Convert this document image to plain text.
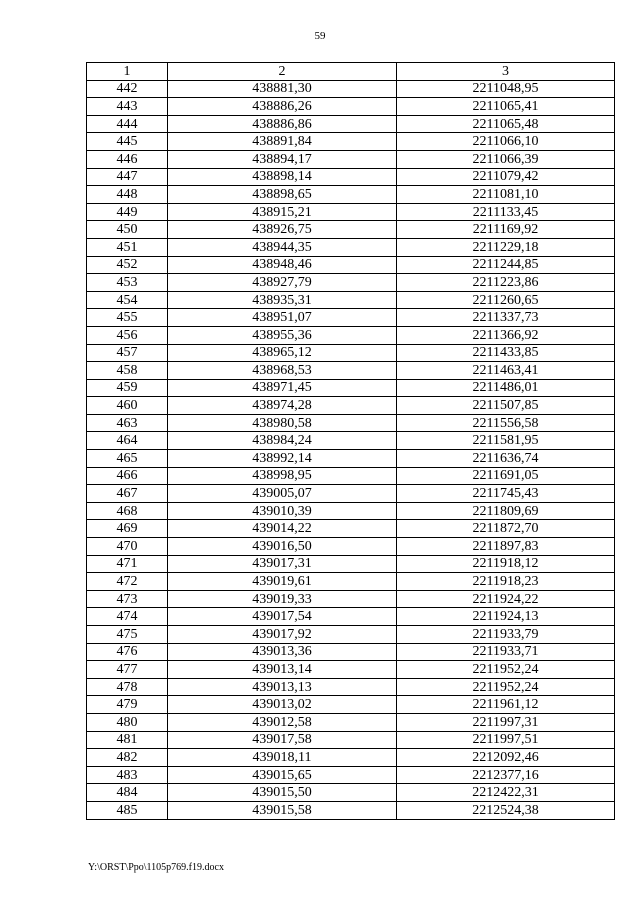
59
1	2	3
442	438881,30	2211048,95
443	438886,26	2211065,41
444	438886,86	2211065,48
445	438891,84	2211066,10
446	438894,17	2211066,39
447	438898,14	2211079,42
448	438898,65	2211081,10
449	438915,21	2211133,45
450	438926,75	2211169,92
451	438944,35	2211229,18
452	438948,46	2211244,85
453	438927,79	2211223,86
454	438935,31	2211260,65
455	438951,07	2211337,73
456	438955,36	2211366,92
457	438965,12	2211433,85
458	438968,53	2211463,41
459	438971,45	2211486,01
460	438974,28	2211507,85
463	438980,58	2211556,58
464	438984,24	2211581,95
465	438992,14	2211636,74
466	438998,95	2211691,05
467	439005,07	2211745,43
468	439010,39	2211809,69
469	439014,22	2211872,70
470	439016,50	2211897,83
471	439017,31	2211918,12
472	439019,61	2211918,23
473	439019,33	2211924,22
474	439017,54	2211924,13
475	439017,92	2211933,79
476	439013,36	2211933,71
477	439013,14	2211952,24
478	439013,13	2211952,24
479	439013,02	2211961,12
480	439012,58	2211997,31
481	439017,58	2211997,51
482	439018,11	2212092,46
483	439015,65	2212377,16
484	439015,50	2212422,31
485	439015,58	2212524,38
Y:\ORST\Ppo\1105p769.f19.docx
